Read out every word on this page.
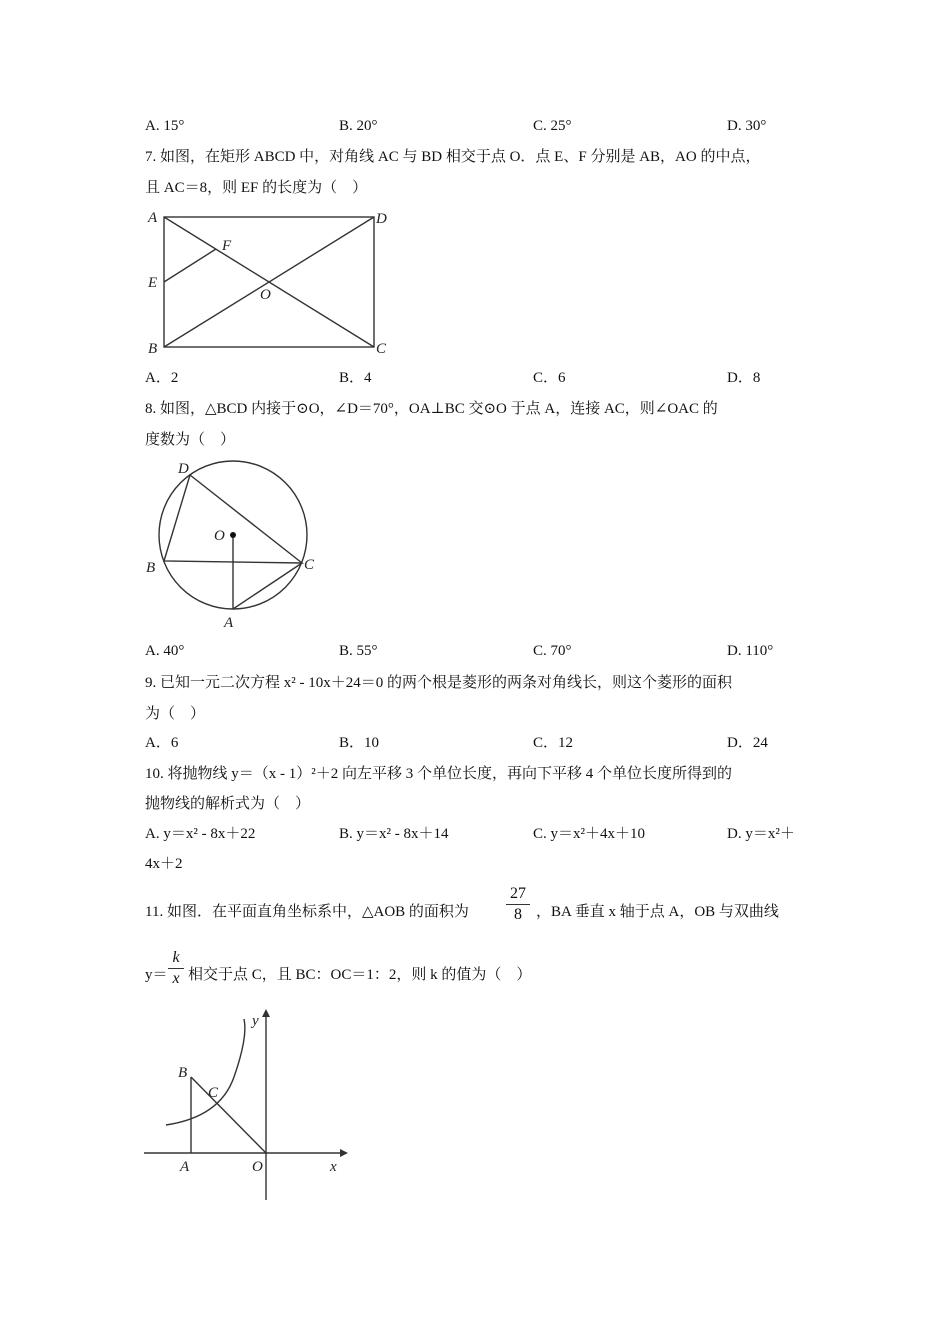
A. 15°	B. 20°	C. 25°	D. 30°
7. 如图，在矩形 ABCD 中，对角线 AC 与 BD 相交于点 O．点 E、F 分别是 AB，AO 的中点，
且 AC＝8，则 EF 的长度为（　）
A	D
E
F
O
B	C
A．2	B．4	C．6	D．8
8. 如图，△BCD 内接于⊙O，∠D＝70°，OA⊥BC 交⊙O 于点 A，连接 AC，则∠OAC 的
度数为（　）
D
O
B	C
A
A. 40°	B. 55°	C. 70°	D. 110°
9. 已知一元二次方程 x² - 10x＋24＝0 的两个根是菱形的两条对角线长，则这个菱形的面积
为（　）
A．6	B．10	C．12	D．24
10. 将抛物线 y＝（x - 1）²＋2 向左平移 3 个单位长度，再向下平移 4 个单位长度所得到的
抛物线的解析式为（　）
A. y＝x² - 8x＋22	B. y＝x² - 8x＋14	C. y＝x²＋4x＋10	D. y＝x²＋
4x＋2
11. 如图．在平面直角坐标系中，△AOB 的面积为 $\frac{27}{8}$ ，BA 垂直 x 轴于点 A，OB 与双曲线
$y= \frac{k}{x}$ 相交于点 C，且 BC：OC＝1：2，则 k 的值为（　）
B
C
A	O	x
y
